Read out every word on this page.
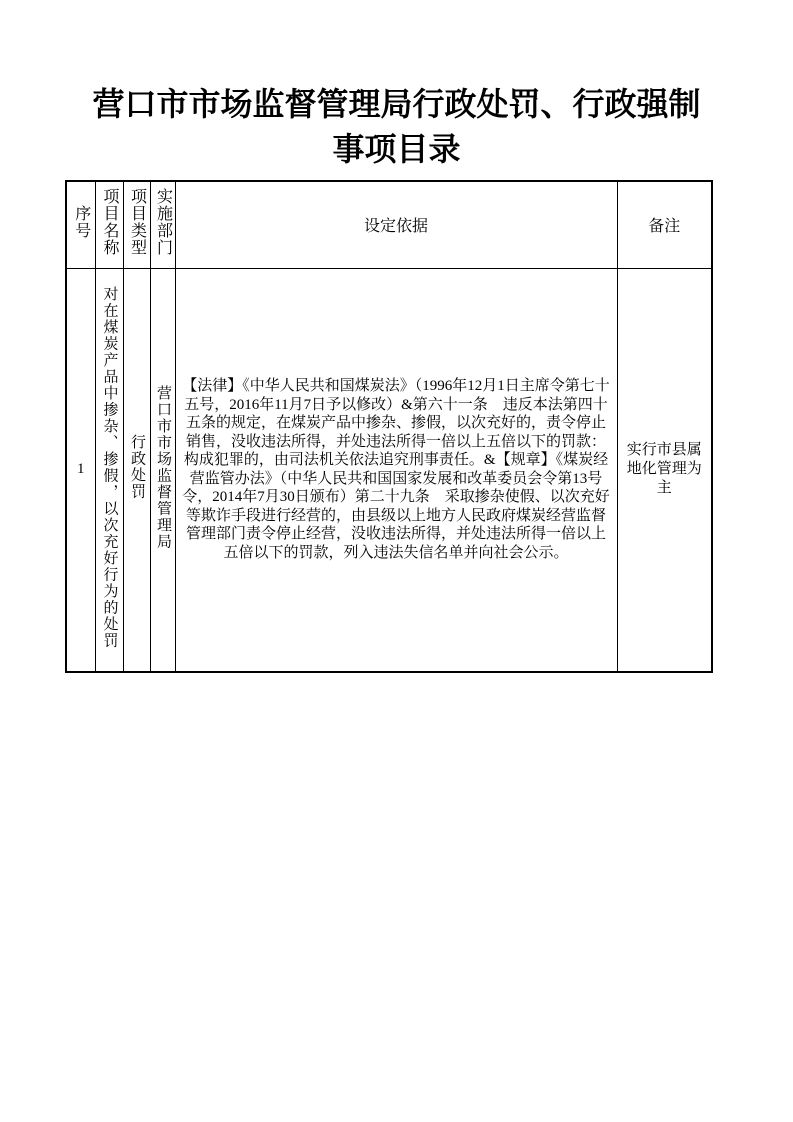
营口市市场监督管理局行政处罚、行政强制事项目录
序号	项目名称	项目类型	实施部门	设定依据	备注
1	对在煤炭产品中掺杂、掺假，以次充好行为的处罚	行政处罚	营口市市场监督管理局	【法律】《中华人民共和国煤炭法》（1996年12月1日主席令第七十五号，2016年11月7日予以修改）&第六十一条　违反本法第四十五条的规定，在煤炭产品中掺杂、掺假，以次充好的，责令停止销售，没收违法所得，并处违法所得一倍以上五倍以下的罚款：构成犯罪的，由司法机关依法追究刑事责任。&【规章】《煤炭经营监管办法》（中华人民共和国国家发展和改革委员会令第13号令，2014年7月30日颁布）第二十九条　采取掺杂使假、以次充好等欺诈手段进行经营的，由县级以上地方人民政府煤炭经营监督管理部门责令停止经营，没收违法所得，并处违法所得一倍以上五倍以下的罚款，列入违法失信名单并向社会公示。	实行市县属地化管理为主
